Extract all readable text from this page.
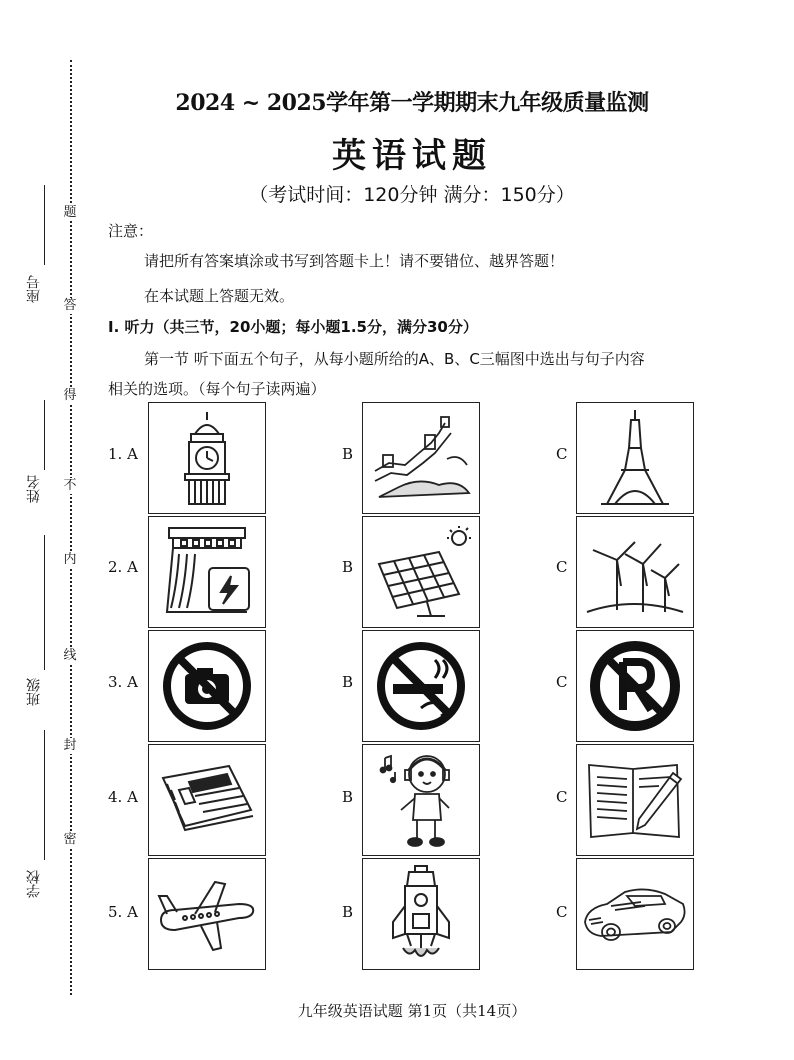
题
答
得
不
内
线
封
密
座号
姓名
班级
学校
2024 ~ 2025学年第一学期期末九年级质量监测
英语试题
（考试时间：120分钟 满分：150分）
注意：
请把所有答案填涂或书写到答题卡上！请不要错位、越界答题！
在本试题上答题无效。
I. 听力（共三节，20小题；每小题1.5分，满分30分）
第一节 听下面五个句子，从每小题所给的A、B、C三幅图中选出与句子内容
相关的选项。（每个句子读两遍）
1. A	B	C
2. A	B	C
3. A	B	C
4. A	B	C
5. A	B	C
九年级英语试题 第1页（共14页）
